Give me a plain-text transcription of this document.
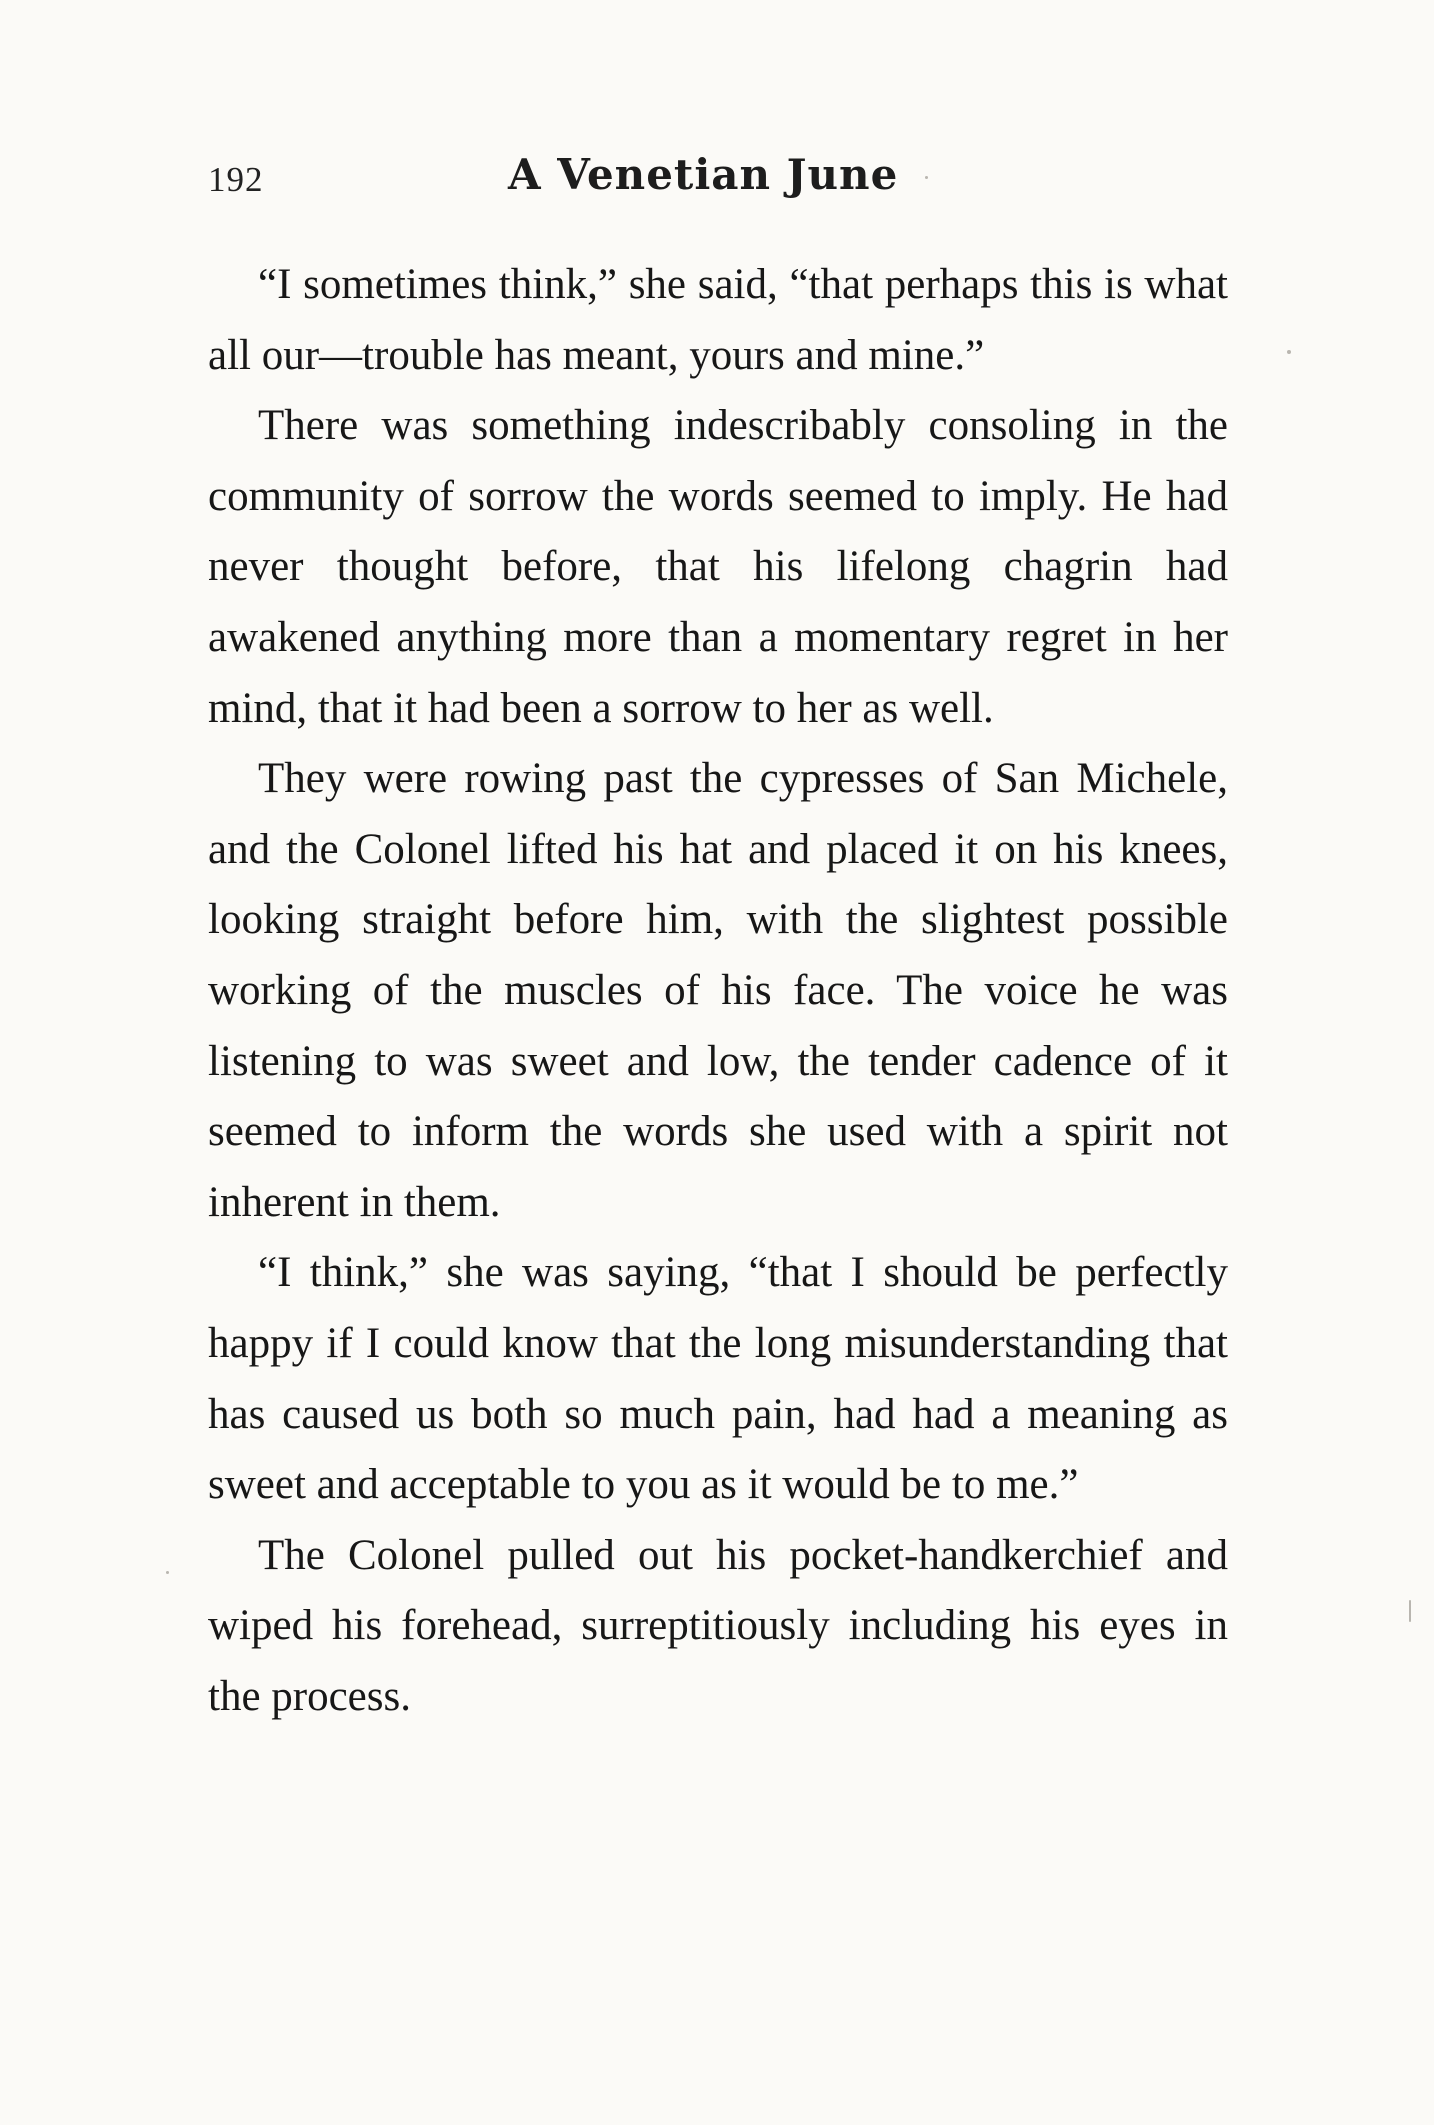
192	A Venetian June

“I sometimes think,” she said, “that perhaps this is what all our—trouble has meant, yours and mine.”

There was something indescribably consoling in the community of sorrow the words seemed to imply. He had never thought before, that his lifelong chagrin had awakened anything more than a momentary regret in her mind, that it had been a sorrow to her as well.

They were rowing past the cypresses of San Michele, and the Colonel lifted his hat and placed it on his knees, looking straight before him, with the slightest possible working of the muscles of his face. The voice he was listening to was sweet and low, the tender cadence of it seemed to inform the words she used with a spirit not inherent in them.

“I think,” she was saying, “that I should be perfectly happy if I could know that the long misunderstanding that has caused us both so much pain, had had a meaning as sweet and acceptable to you as it would be to me.”

The Colonel pulled out his pocket-handkerchief and wiped his forehead, surreptitiously including his eyes in the process.
